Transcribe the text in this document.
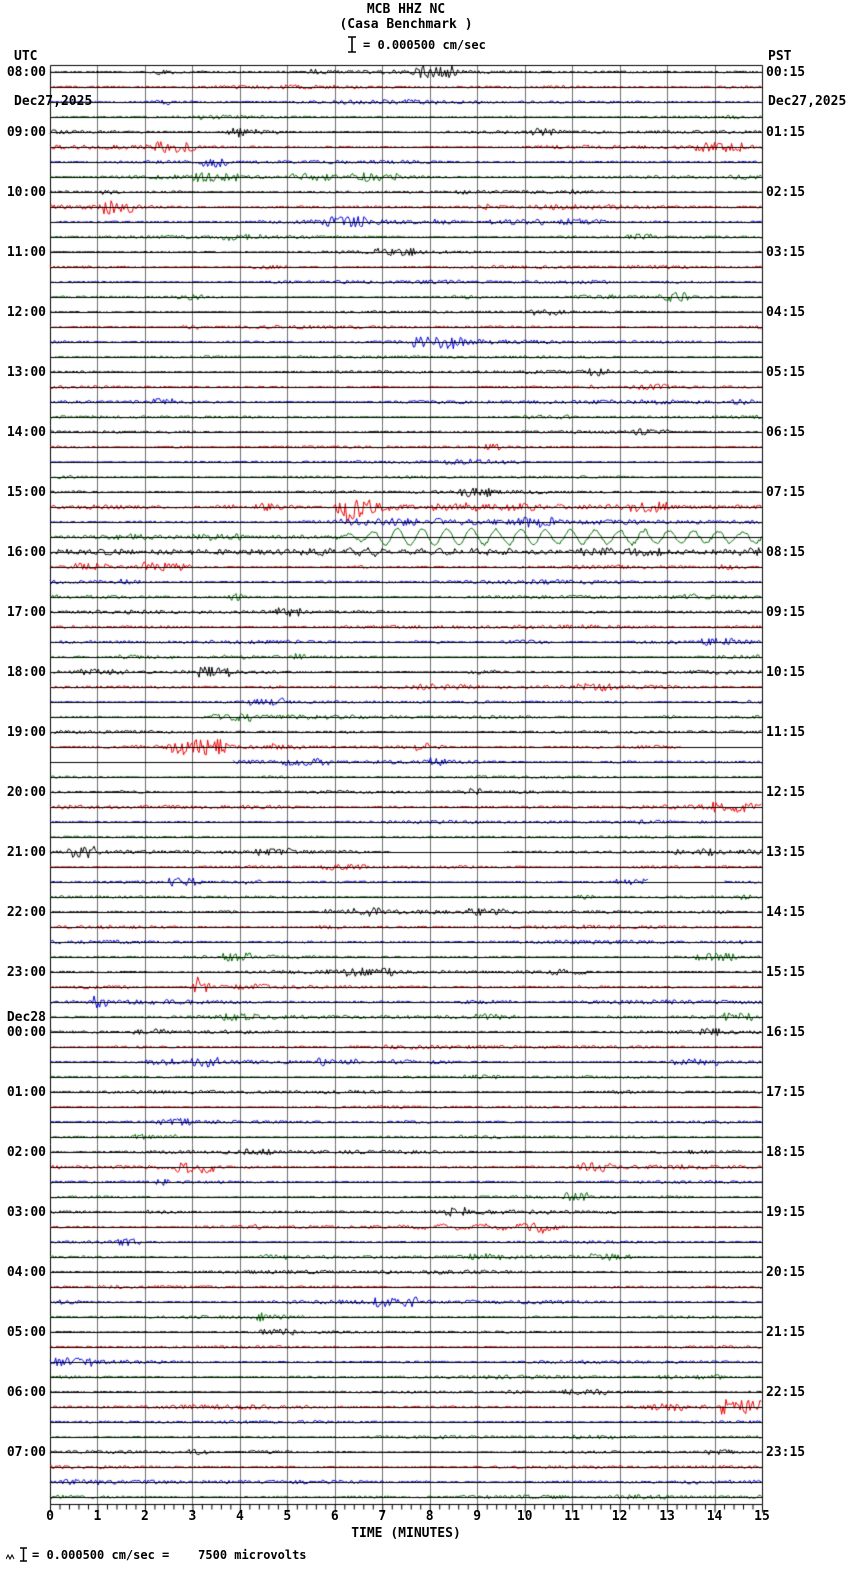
MCB HHZ NC
(Casa Benchmark )
= 0.000500 cm/sec

UTC

Dec27,2025

PST

Dec27,2025

08:00
09:00
10:00
11:00
12:00
13:00
14:00
15:00
16:00
17:00
18:00
19:00
20:00
21:00
22:00
23:00
Dec28
00:00
01:00
02:00
03:00
04:00
05:00
06:00
07:00
00:15
01:15
02:15
03:15
04:15
05:15
06:15
07:15
08:15
09:15
10:15
11:15
12:15
13:15
14:15
15:15
16:15
17:15
18:15
19:15
20:15
21:15
22:15
23:15
0	1	2	3	4	5	6	7	8	9	10	11	12	13	14	15
TIME (MINUTES)
= 0.000500 cm/sec =    7500 microvolts
